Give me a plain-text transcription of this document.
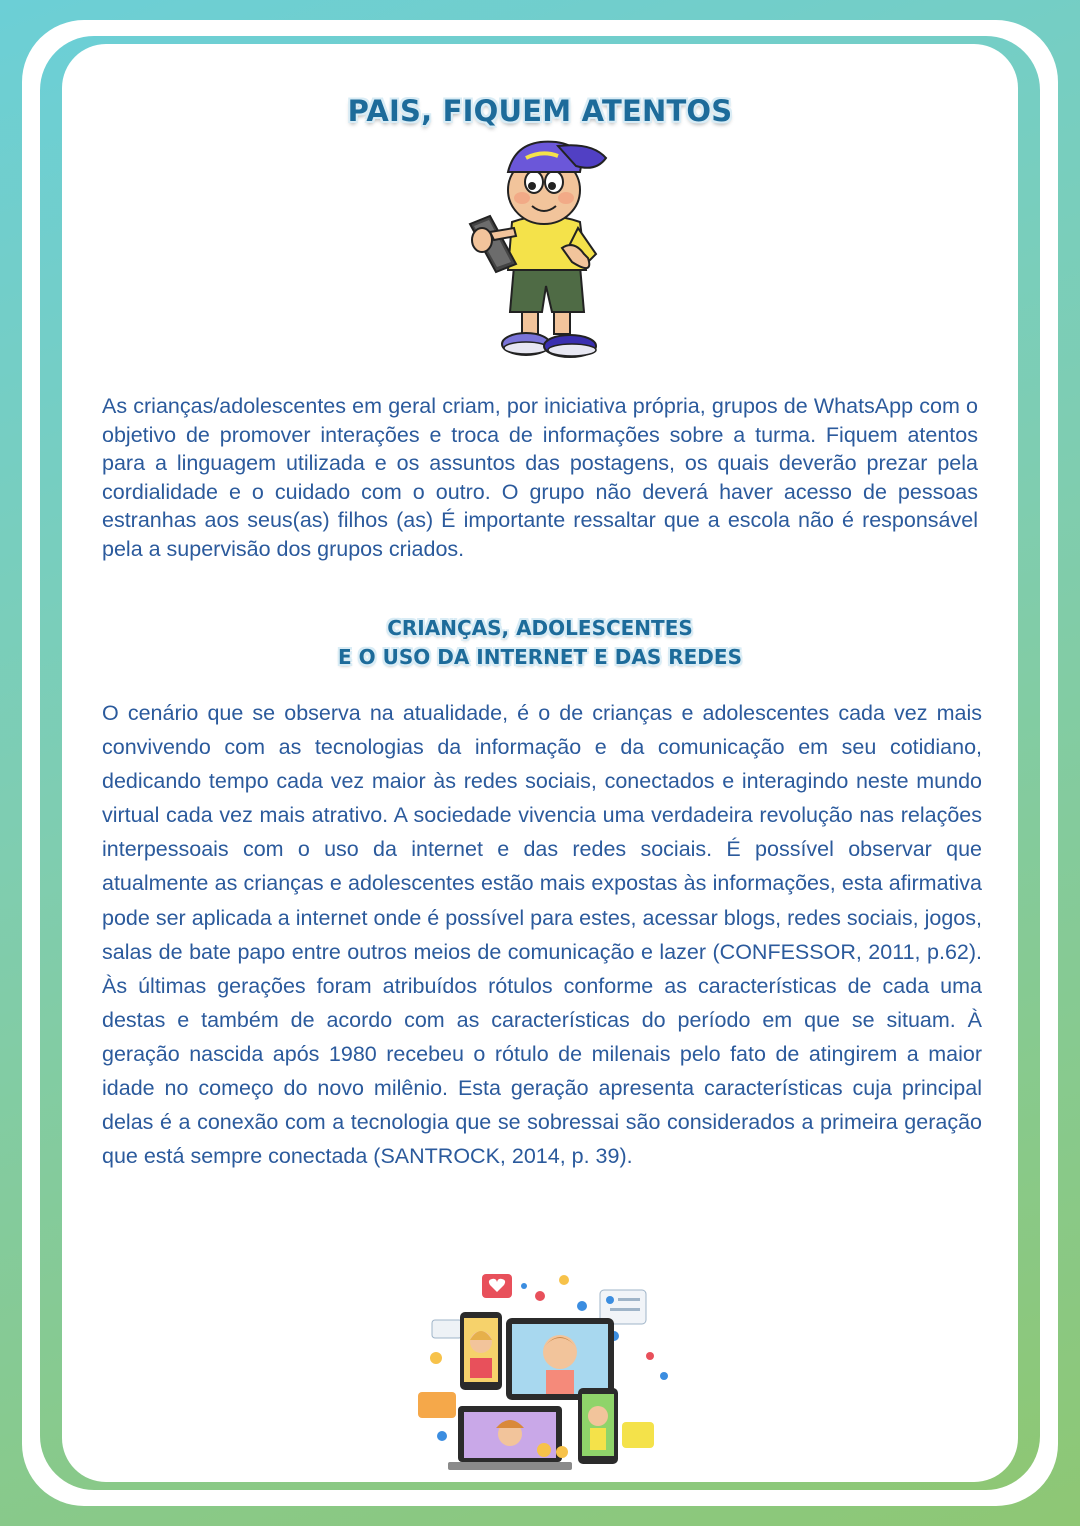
PAIS, FIQUEM ATENTOS

As crianças/adolescentes em geral criam, por iniciativa própria, grupos de WhatsApp com o objetivo de promover interações e troca de informações sobre a turma. Fiquem atentos para a linguagem utilizada e os assuntos das postagens, os quais deverão prezar pela cordialidade e o cuidado com o outro. O grupo não deverá haver acesso de pessoas estranhas aos seus(as) filhos (as) É importante ressaltar que a escola não é responsável pela a supervisão dos grupos criados.

CRIANÇAS, ADOLESCENTES
E O USO DA INTERNET E DAS REDES

O cenário que se observa na atualidade, é o de crianças e adolescentes cada vez mais convivendo com as tecnologias da informação e da comunicação em seu cotidiano, dedicando tempo cada vez maior às redes sociais, conectados e interagindo neste mundo virtual cada vez mais atrativo. A sociedade vivencia uma verdadeira revolução nas relações interpessoais com o uso da internet e das redes sociais. É possível observar que atualmente as crianças e adolescentes estão mais expostas às informações, esta afirmativa pode ser aplicada a internet onde é possível para estes, acessar blogs, redes sociais, jogos, salas de bate papo entre outros meios de comunicação e lazer (CONFESSOR, 2011, p.62). Às últimas gerações foram atribuídos rótulos conforme as características de cada uma destas e também de acordo com as características do período em que se situam. À geração nascida após 1980 recebeu o rótulo de milenais pelo fato de atingirem a maior idade no começo do novo milênio. Esta geração apresenta características cuja principal delas é a conexão com a tecnologia que se sobressai são considerados a primeira geração que está sempre conectada (SANTROCK, 2014, p. 39).
